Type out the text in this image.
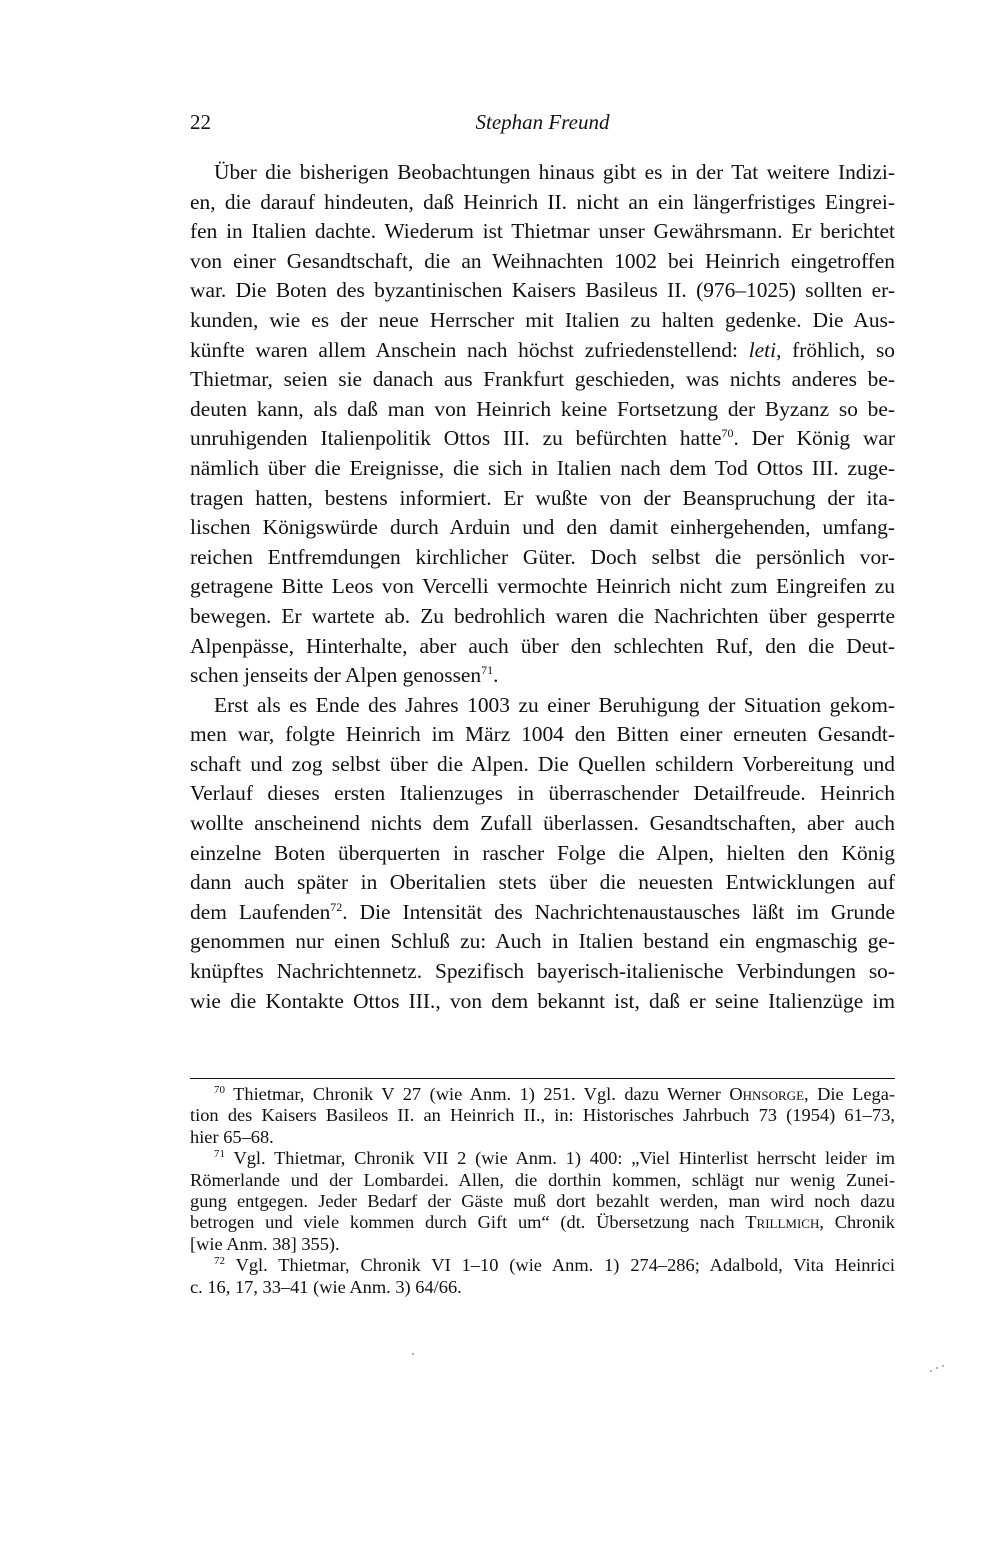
22	Stephan Freund

Über die bisherigen Beobachtungen hinaus gibt es in der Tat weitere Indizi-
en, die darauf hindeuten, daß Heinrich II. nicht an ein längerfristiges Eingrei-
fen in Italien dachte. Wiederum ist Thietmar unser Gewährsmann. Er berichtet
von einer Gesandtschaft, die an Weihnachten 1002 bei Heinrich eingetroffen
war. Die Boten des byzantinischen Kaisers Basileus II. (976–1025) sollten er-
kunden, wie es der neue Herrscher mit Italien zu halten gedenke. Die Aus-
künfte waren allem Anschein nach höchst zufriedenstellend: leti, fröhlich, so
Thietmar, seien sie danach aus Frankfurt geschieden, was nichts anderes be-
deuten kann, als daß man von Heinrich keine Fortsetzung der Byzanz so be-
unruhigenden Italienpolitik Ottos III. zu befürchten hatte$^{70}$. Der König war
nämlich über die Ereignisse, die sich in Italien nach dem Tod Ottos III. zuge-
tragen hatten, bestens informiert. Er wußte von der Beanspruchung der ita-
lischen Königswürde durch Arduin und den damit einhergehenden, umfang-
reichen Entfremdungen kirchlicher Güter. Doch selbst die persönlich vor-
getragene Bitte Leos von Vercelli vermochte Heinrich nicht zum Eingreifen zu
bewegen. Er wartete ab. Zu bedrohlich waren die Nachrichten über gesperrte
Alpenpässe, Hinterhalte, aber auch über den schlechten Ruf, den die Deut-
schen jenseits der Alpen genossen$^{71}$.

Erst als es Ende des Jahres 1003 zu einer Beruhigung der Situation gekom-
men war, folgte Heinrich im März 1004 den Bitten einer erneuten Gesandt-
schaft und zog selbst über die Alpen. Die Quellen schildern Vorbereitung und
Verlauf dieses ersten Italienzuges in überraschender Detailfreude. Heinrich
wollte anscheinend nichts dem Zufall überlassen. Gesandtschaften, aber auch
einzelne Boten überquerten in rascher Folge die Alpen, hielten den König
dann auch später in Oberitalien stets über die neuesten Entwicklungen auf
dem Laufenden$^{72}$. Die Intensität des Nachrichtenaustausches läßt im Grunde
genommen nur einen Schluß zu: Auch in Italien bestand ein engmaschig ge-
knüpftes Nachrichtennetz. Spezifisch bayerisch-italienische Verbindungen so-
wie die Kontakte Ottos III., von dem bekannt ist, daß er seine Italienzüge im

$^{70}$ Thietmar, Chronik V 27 (wie Anm. 1) 251. Vgl. dazu Werner Ohnsorge, Die Lega-
tion des Kaisers Basileos II. an Heinrich II., in: Historisches Jahrbuch 73 (1954) 61–73,
hier 65–68.
$^{71}$ Vgl. Thietmar, Chronik VII 2 (wie Anm. 1) 400: „Viel Hinterlist herrscht leider im
Römerlande und der Lombardei. Allen, die dorthin kommen, schlägt nur wenig Zunei-
gung entgegen. Jeder Bedarf der Gäste muß dort bezahlt werden, man wird noch dazu
betrogen und viele kommen durch Gift um“ (dt. Übersetzung nach Trillmich, Chronik
[wie Anm. 38] 355).
$^{72}$ Vgl. Thietmar, Chronik VI 1–10 (wie Anm. 1) 274–286; Adalbold, Vita Heinrici
c. 16, 17, 33–41 (wie Anm. 3) 64/66.
